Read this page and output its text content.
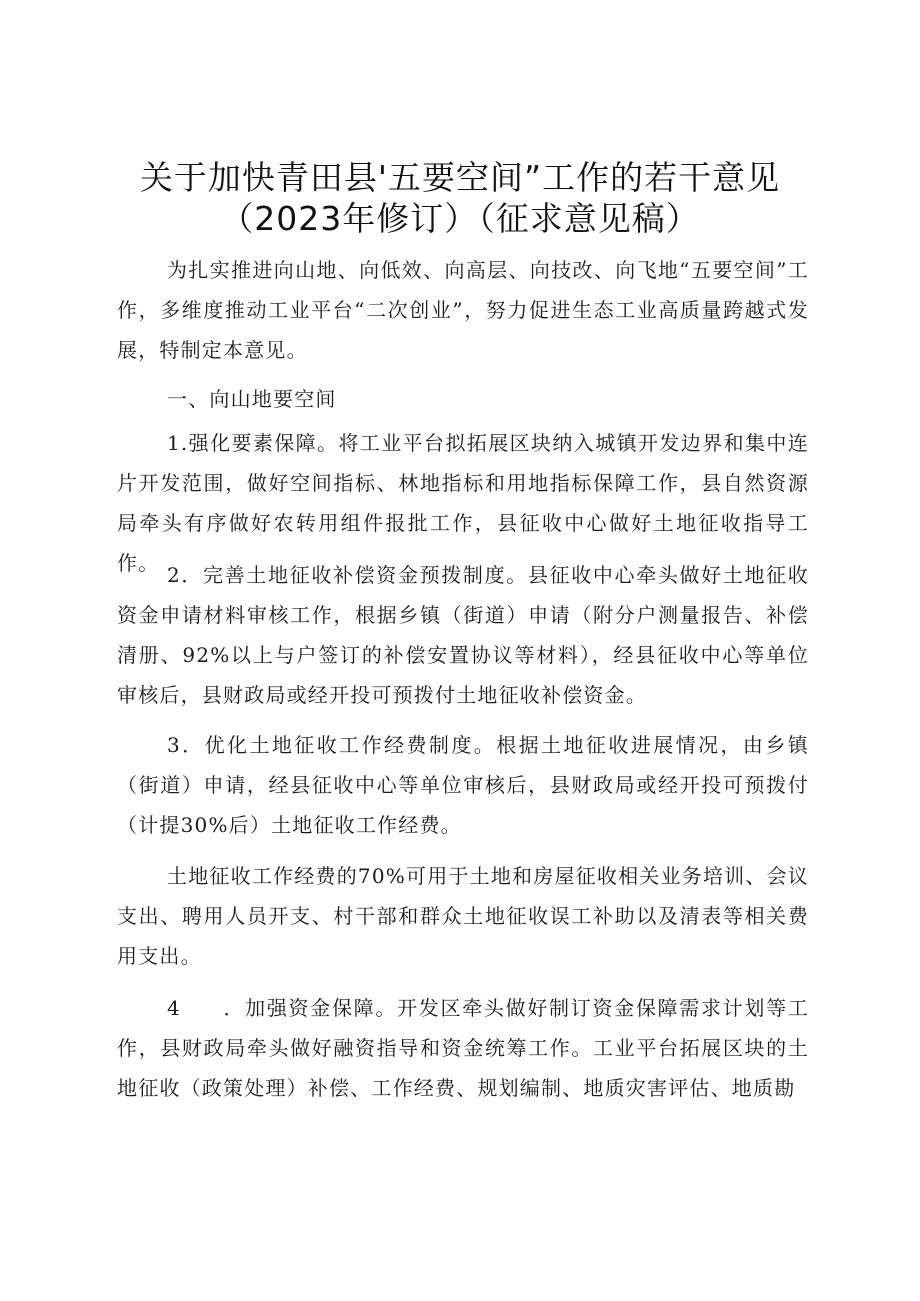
关于加快青田县'五要空间”工作的若干意见
（2023年修订）（征求意见稿）

为扎实推进向山地、向低效、向高层、向技改、向飞地“五要空间”工作，多维度推动工业平台“二次创业”，努力促进生态工业高质量跨越式发展，特制定本意见。

一、向山地要空间

1.强化要素保障。将工业平台拟拓展区块纳入城镇开发边界和集中连片开发范围，做好空间指标、林地指标和用地指标保障工作，县自然资源局牵头有序做好农转用组件报批工作，县征收中心做好土地征收指导工作。 2．完善土地征收补偿资金预拨制度。县征收中心牵头做好土地征收资金申请材料审核工作，根据乡镇（街道）申请（附分户测量报告、补偿清册、92%以上与户签订的补偿安置协议等材料），经县征收中心等单位审核后，县财政局或经开投可预拨付土地征收补偿资金。

3．优化土地征收工作经费制度。根据土地征收进展情况，由乡镇（街道）申请，经县征收中心等单位审核后，县财政局或经开投可预拨付（计提30%后）土地征收工作经费。

土地征收工作经费的70%可用于土地和房屋征收相关业务培训、会议支出、聘用人员开支、村干部和群众土地征收误工补助以及清表等相关费用支出。

4 ．加强资金保障。开发区牵头做好制订资金保障需求计划等工作，县财政局牵头做好融资指导和资金统筹工作。工业平台拓展区块的土地征收（政策处理）补偿、工作经费、规划编制、地质灾害评估、地质勘
